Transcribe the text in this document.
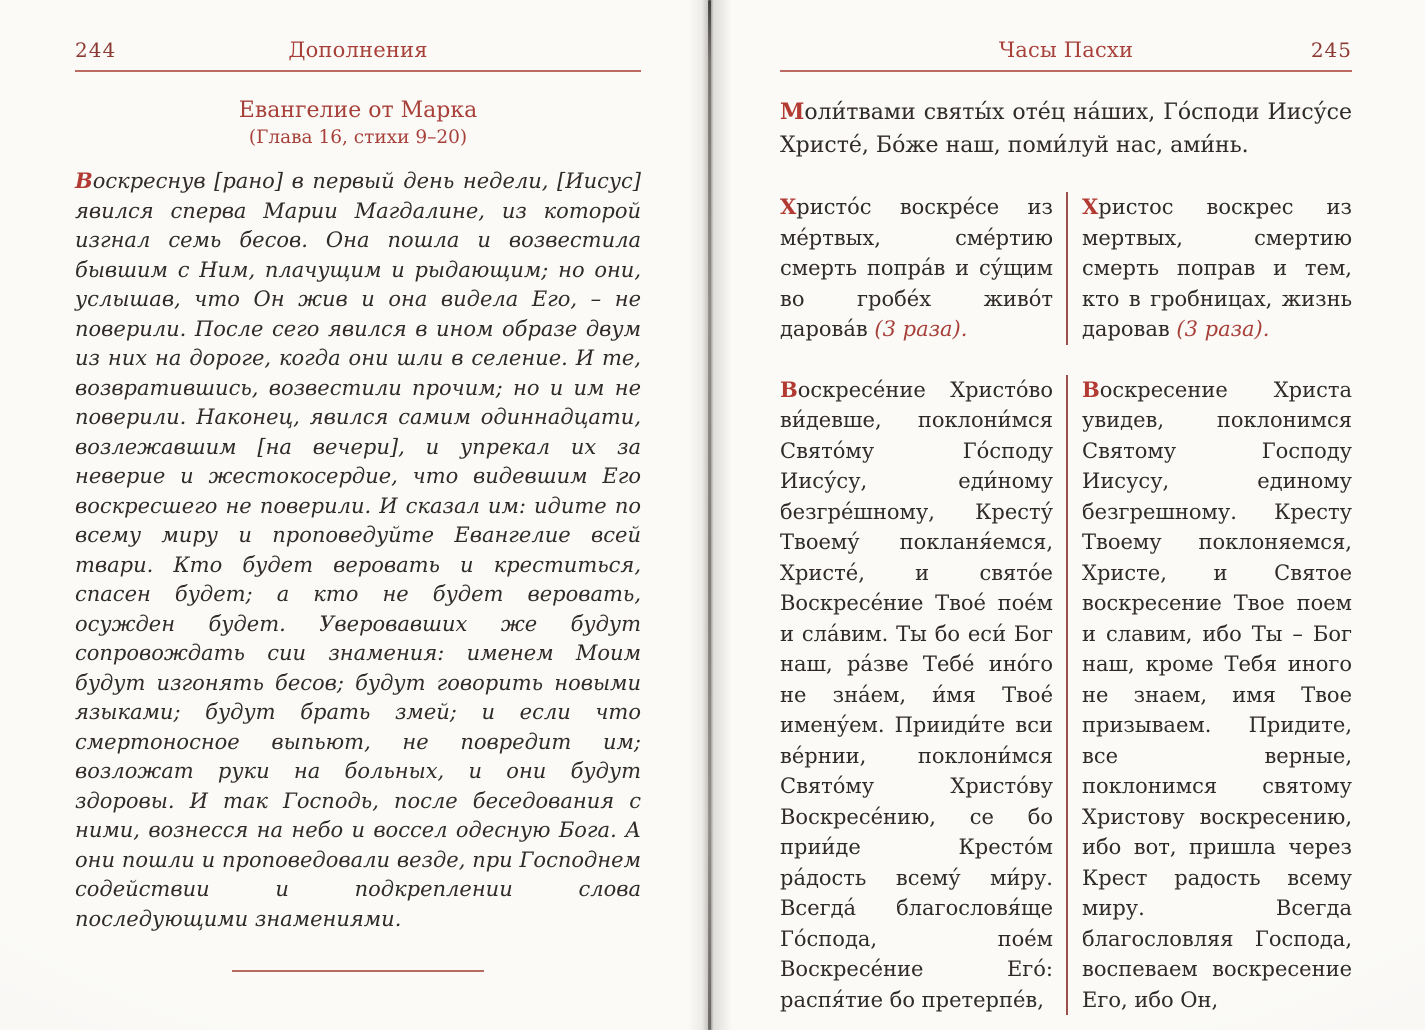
244	Дополнения
Евангелие от Марка
(Глава 16, стихи 9–20)

Воскреснув [рано] в первый день недели, [Иисус] явился сперва Марии Магдалине, из которой изгнал семь бесов. Она пошла и возвестила бывшим с Ним, плачущим и рыдающим; но они, услышав, что Он жив и она видела Его, – не поверили. После сего явился в ином образе двум из них на дороге, когда они шли в селение. И те, возвратившись, возвестили прочим; но и им не поверили. Наконец, явился самим одиннадцати, возлежавшим [на вечери], и упрекал их за неверие и жестокосердие, что видевшим Его воскресшего не поверили. И сказал им: идите по всему миру и проповедуйте Евангелие всей твари. Кто будет веровать и креститься, спасен будет; а кто не будет веровать, осужден будет. Уверовавших же будут сопровождать сии знамения: именем Моим будут изгонять бесов; будут говорить новыми языками; будут брать змей; и если что смертоносное выпьют, не повредит им; возложат руки на больных, и они будут здоровы. И так Господь, после беседования с ними, вознесся на небо и воссел одесную Бога. А они пошли и проповедовали везде, при Господнем содействии и подкреплении слова последующими знамениями.

Часы Пасхи	245

Моли́твами святы́х оте́ц на́ших, Го́споди Иису́се Христе́, Бо́же наш, поми́луй нас, ами́нь.

Христо́с воскре́се из ме́ртвых, сме́ртию смерть попра́в и су́щим во гробе́х живо́т дарова́в (3 раза).

Христос воскрес из мертвых, смертию смерть поправ и тем, кто в гробницах, жизнь даровав (3 раза).

Воскресе́ние Христо́во ви́девше, поклони́мся Свято́му Го́споду Иису́су, еди́ному безгре́шному, Кресту́ Твоему́ покланя́емся, Христе́, и свято́е Воскресе́ние Твое́ пое́м и сла́вим. Ты бо еси́ Бог наш, ра́зве Тебе́ ино́го не зна́ем, и́мя Твое́ имену́ем. Прииди́те вси ве́рнии, поклони́мся Свято́му Христо́ву Воскресе́нию, се бо прии́де Кресто́м ра́дость всему́ ми́ру. Всегда́ благословя́ще Го́спода, пое́м Воскресе́ние Его́: распя́тие бо претерпе́в,

Воскресение Христа увидев, поклонимся Святому Господу Иисусу, единому безгрешному. Кресту Твоему поклоняемся, Христе, и Святое воскресение Твое поем и славим, ибо Ты – Бог наш, кроме Тебя иного не знаем, имя Твое призываем. Придите, все верные, поклонимся святому Христову воскресению, ибо вот, пришла через Крест радость всему миру. Всегда благословляя Господа, воспеваем воскресение Его, ибо Он,
